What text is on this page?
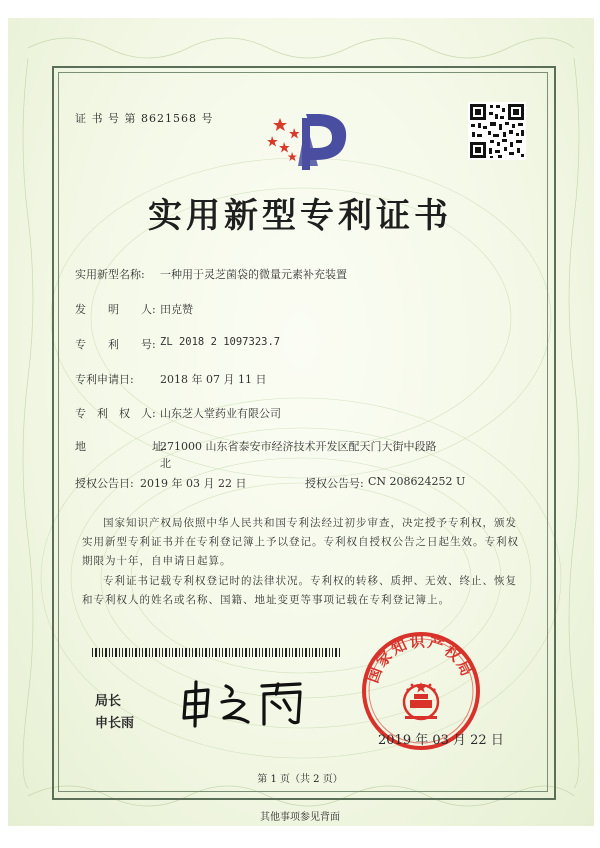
证 书 号 第 8621568 号
实用新型专利证书
实用新型名称: 一种用于灵芝菌袋的微量元素补充装置
发　　明　　人: 田克赞
专　　利　　号: ZL 2018 2 1097323.7
专利申请日: 2018 年 07 月 11 日
专　利　权　人: 山东芝人堂药业有限公司
地　　　　　　址:
271000 山东省泰安市经济技术开发区配天门大街中段路
北
授权公告日: 2019 年 03 月 22 日	授权公告号: CN 208624252 U
国家知识产权局依照中华人民共和国专利法经过初步审查，决定授予专利权，颁发实用新型专利证书并在专利登记簿上予以登记。专利权自授权公告之日起生效。专利权期限为十年，自申请日起算。
专利证书记载专利权登记时的法律状况。专利权的转移、质押、无效、终止、恢复和专利权人的姓名或名称、国籍、地址变更等事项记载在专利登记簿上。
局长
申长雨
国家知识产权局
2019 年 03 月 22 日
第 1 页（共 2 页）
其他事项参见背面
